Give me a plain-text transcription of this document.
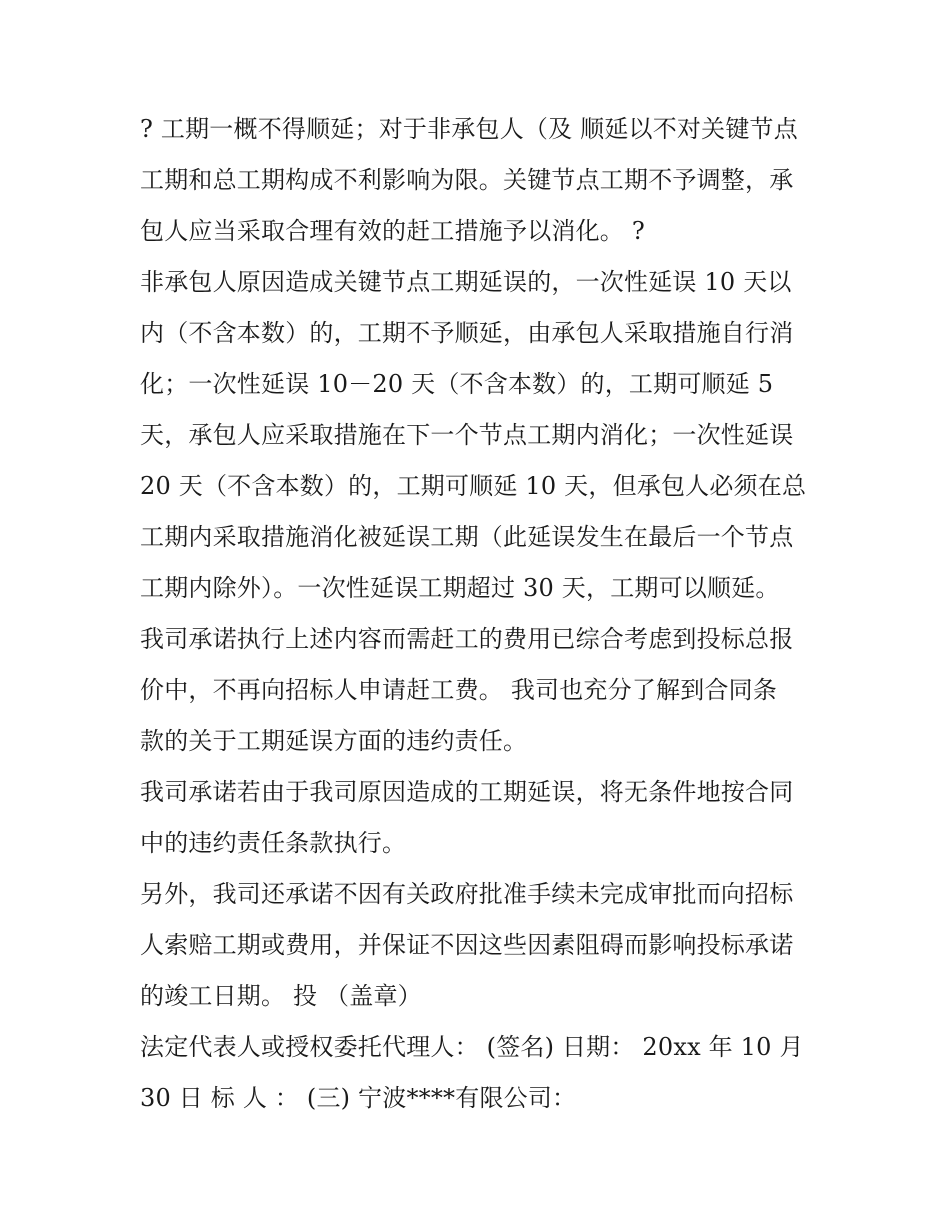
? 工期一概不得顺延；对于非承包人（及 顺延以不对关键节点
工期和总工期构成不利影响为限。关键节点工期不予调整，承
包人应当采取合理有效的赶工措施予以消化。 ?
非承包人原因造成关键节点工期延误的，一次性延误 10 天以
内（不含本数）的，工期不予顺延，由承包人采取措施自行消
化；一次性延误 10－20 天（不含本数）的，工期可顺延 5
天，承包人应采取措施在下一个节点工期内消化；一次性延误
20 天（不含本数）的，工期可顺延 10 天，但承包人必须在总
工期内采取措施消化被延误工期（此延误发生在最后一个节点
工期内除外）。一次性延误工期超过 30 天，工期可以顺延。
我司承诺执行上述内容而需赶工的费用已综合考虑到投标总报
价中，不再向招标人申请赶工费。 我司也充分了解到合同条
款的关于工期延误方面的违约责任。
我司承诺若由于我司原因造成的工期延误，将无条件地按合同
中的违约责任条款执行。
另外，我司还承诺不因有关政府批准手续未完成审批而向招标
人索赔工期或费用，并保证不因这些因素阻碍而影响投标承诺
的竣工日期。 投 （盖章）
法定代表人或授权委托代理人： (签名) 日期： 20xx 年 10 月
30 日 标 人 ： (三) 宁波****有限公司：
